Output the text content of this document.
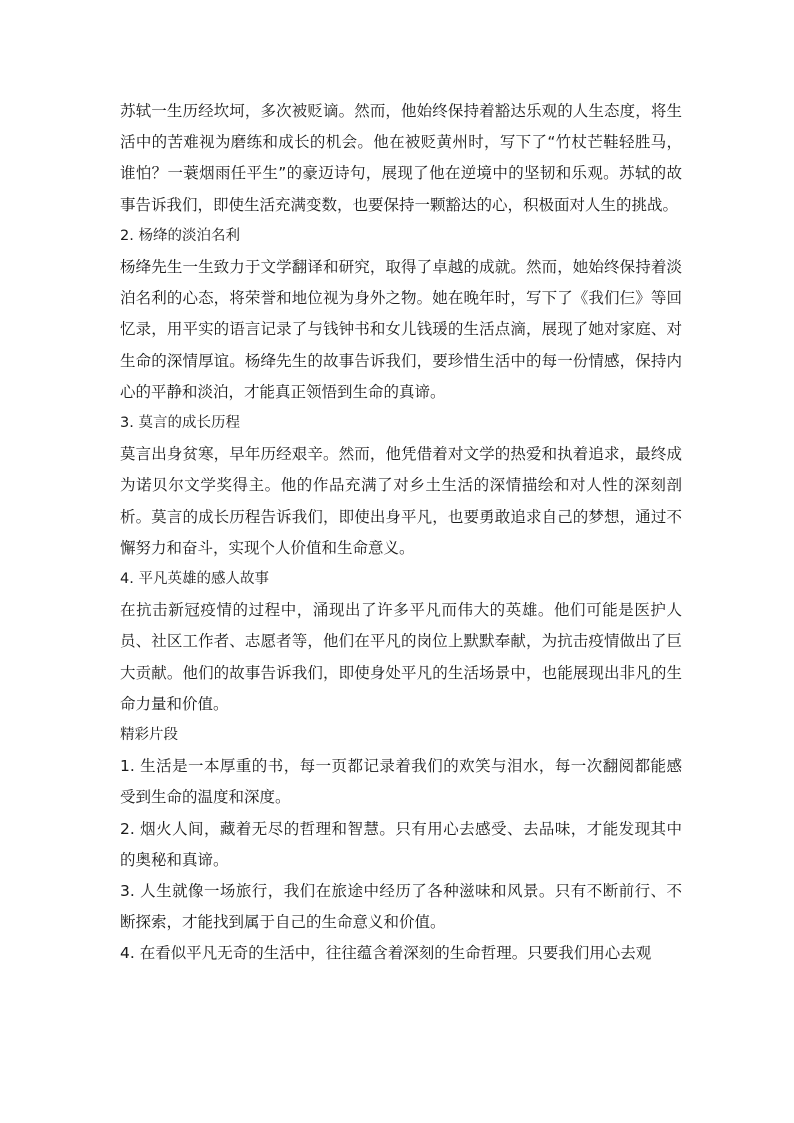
苏轼一生历经坎坷，多次被贬谪。然而，他始终保持着豁达乐观的人生态度，将生活中的苦难视为磨练和成长的机会。他在被贬黄州时，写下了“竹杖芒鞋轻胜马，谁怕？一蓑烟雨任平生”的豪迈诗句，展现了他在逆境中的坚韧和乐观。苏轼的故事告诉我们，即使生活充满变数，也要保持一颗豁达的心，积极面对人生的挑战。

2. 杨绛的淡泊名利

杨绛先生一生致力于文学翻译和研究，取得了卓越的成就。然而，她始终保持着淡泊名利的心态，将荣誉和地位视为身外之物。她在晚年时，写下了《我们仨》等回忆录，用平实的语言记录了与钱钟书和女儿钱瑗的生活点滴，展现了她对家庭、对生命的深情厚谊。杨绛先生的故事告诉我们，要珍惜生活中的每一份情感，保持内心的平静和淡泊，才能真正领悟到生命的真谛。

3. 莫言的成长历程

莫言出身贫寒，早年历经艰辛。然而，他凭借着对文学的热爱和执着追求，最终成为诺贝尔文学奖得主。他的作品充满了对乡土生活的深情描绘和对人性的深刻剖析。莫言的成长历程告诉我们，即使出身平凡，也要勇敢追求自己的梦想，通过不懈努力和奋斗，实现个人价值和生命意义。

4. 平凡英雄的感人故事

在抗击新冠疫情的过程中，涌现出了许多平凡而伟大的英雄。他们可能是医护人员、社区工作者、志愿者等，他们在平凡的岗位上默默奉献，为抗击疫情做出了巨大贡献。他们的故事告诉我们，即使身处平凡的生活场景中，也能展现出非凡的生命力量和价值。

精彩片段

1. 生活是一本厚重的书，每一页都记录着我们的欢笑与泪水，每一次翻阅都能感受到生命的温度和深度。

2. 烟火人间，藏着无尽的哲理和智慧。只有用心去感受、去品味，才能发现其中的奥秘和真谛。

3. 人生就像一场旅行，我们在旅途中经历了各种滋味和风景。只有不断前行、不断探索，才能找到属于自己的生命意义和价值。

4. 在看似平凡无奇的生活中，往往蕴含着深刻的生命哲理。只要我们用心去观
